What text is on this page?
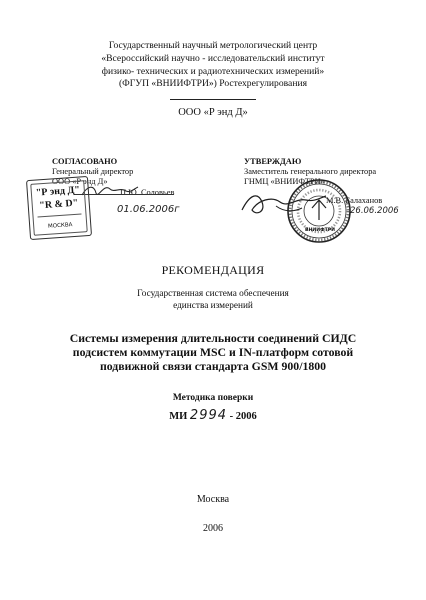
Государственный научный метрологический центр
«Всероссийский научно - исследовательский институт
физико- технических и радиотехнических измерений»
(ФГУП «ВНИИФТРИ») Ростехрегулирования
ООО «Р энд Д»
СОГЛАСОВАНО
Генеральный директор
ООО «Р энд Д»
П.Ю. Соловьев
01.06.2006г
"Р энд Д"
"R & D"
МОСКВА
УТВЕРЖДАЮ
Заместитель генерального директора
ГНМЦ «ВНИИФТРИ»
М.В. Балаханов
26.06.2006
ВНИИФТРИ
РЕКОМЕНДАЦИЯ
Государственная система обеспечения
единства измерений
Системы измерения длительности соединений СИДС
подсистем коммутации MSC и IN-платформ сотовой
подвижной связи стандарта GSM 900/1800
Методика поверки
МИ 2994 - 2006
Москва
2006
